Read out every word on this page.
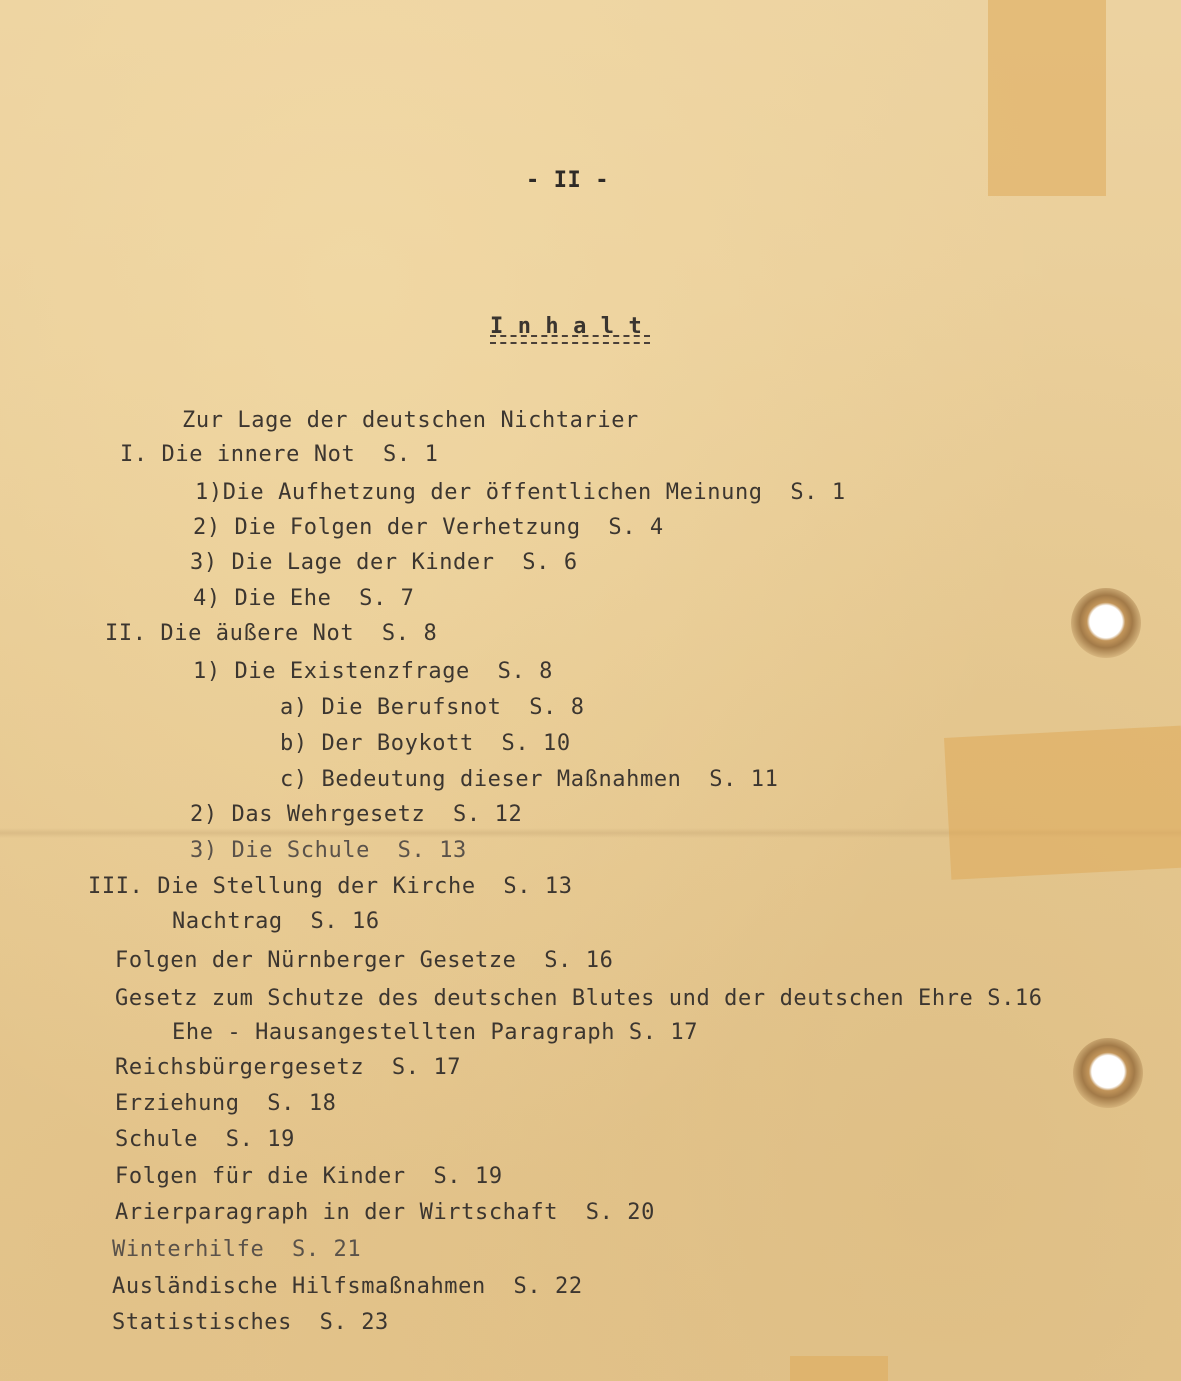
- II -
I n h a l t
Zur Lage der deutschen Nichtarier
I. Die innere Not  S. 1
1)Die Aufhetzung der öffentlichen Meinung  S. 1
2) Die Folgen der Verhetzung  S. 4
3) Die Lage der Kinder  S. 6
4) Die Ehe  S. 7
II. Die äußere Not  S. 8
1) Die Existenzfrage  S. 8
a) Die Berufsnot  S. 8
b) Der Boykott  S. 10
c) Bedeutung dieser Maßnahmen  S. 11
2) Das Wehrgesetz  S. 12
3) Die Schule  S. 13
III. Die Stellung der Kirche  S. 13
Nachtrag  S. 16
Folgen der Nürnberger Gesetze  S. 16
Gesetz zum Schutze des deutschen Blutes und der deutschen Ehre S.16
Ehe - Hausangestellten Paragraph S. 17
Reichsbürgergesetz  S. 17
Erziehung  S. 18
Schule  S. 19
Folgen für die Kinder  S. 19
Arierparagraph in der Wirtschaft  S. 20
Winterhilfe  S. 21
Ausländische Hilfsmaßnahmen  S. 22
Statistisches  S. 23
